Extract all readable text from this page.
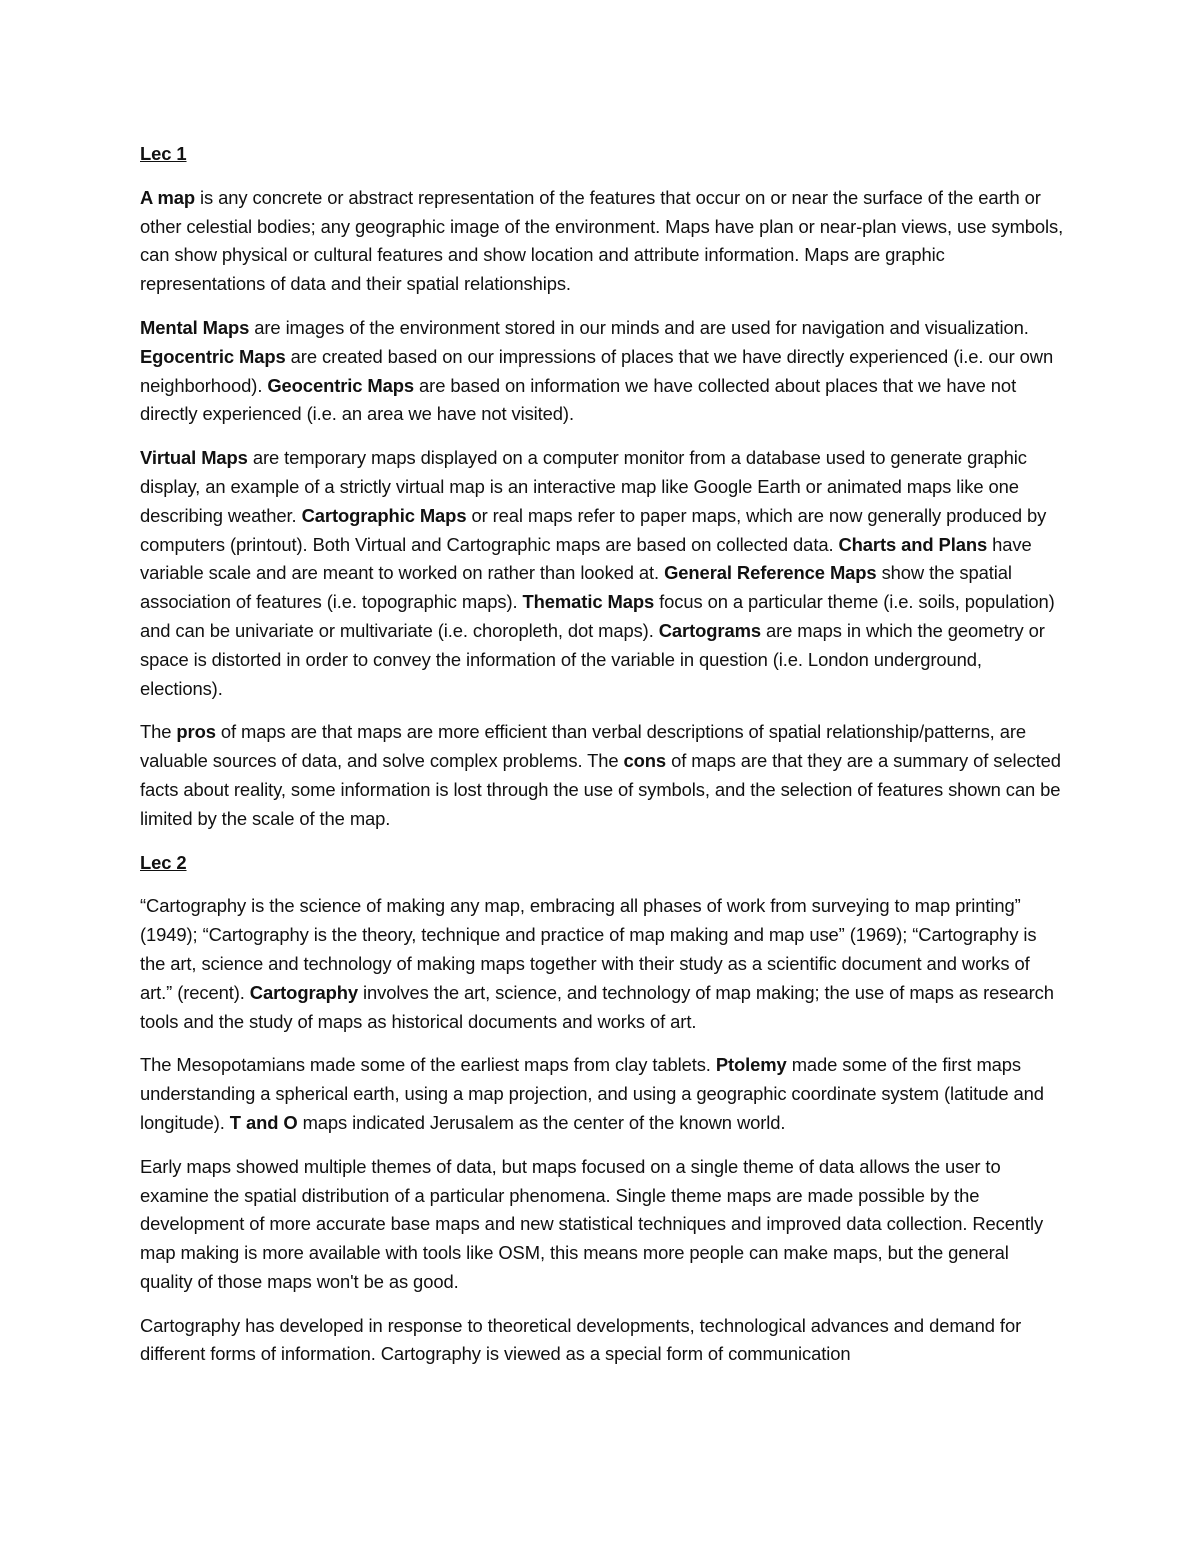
Lec 1

A map is any concrete or abstract representation of the features that occur on or near the surface of the earth or other celestial bodies; any geographic image of the environment. Maps have plan or near-plan views, use symbols, can show physical or cultural features and show location and attribute information. Maps are graphic representations of data and their spatial relationships.

Mental Maps are images of the environment stored in our minds and are used for navigation and visualization. Egocentric Maps are created based on our impressions of places that we have directly experienced (i.e. our own neighborhood). Geocentric Maps are based on information we have collected about places that we have not directly experienced (i.e. an area we have not visited).

Virtual Maps are temporary maps displayed on a computer monitor from a database used to generate graphic display, an example of a strictly virtual map is an interactive map like Google Earth or animated maps like one describing weather. Cartographic Maps or real maps refer to paper maps, which are now generally produced by computers (printout). Both Virtual and Cartographic maps are based on collected data. Charts and Plans have variable scale and are meant to worked on rather than looked at. General Reference Maps show the spatial association of features (i.e. topographic maps). Thematic Maps focus on a particular theme (i.e. soils, population) and can be univariate or multivariate (i.e. choropleth, dot maps). Cartograms are maps in which the geometry or space is distorted in order to convey the information of the variable in question (i.e. London underground, elections).

The pros of maps are that maps are more efficient than verbal descriptions of spatial relationship/patterns, are valuable sources of data, and solve complex problems. The cons of maps are that they are a summary of selected facts about reality, some information is lost through the use of symbols, and the selection of features shown can be limited by the scale of the map.

Lec 2

“Cartography is the science of making any map, embracing all phases of work from surveying to map printing” (1949); “Cartography is the theory, technique and practice of map making and map use” (1969); “Cartography is the art, science and technology of making maps together with their study as a scientific document and works of art.” (recent). Cartography involves the art, science, and technology of map making; the use of maps as research tools and the study of maps as historical documents and works of art.

The Mesopotamians made some of the earliest maps from clay tablets. Ptolemy made some of the first maps understanding a spherical earth, using a map projection, and using a geographic coordinate system (latitude and longitude). T and O maps indicated Jerusalem as the center of the known world.

Early maps showed multiple themes of data, but maps focused on a single theme of data allows the user to examine the spatial distribution of a particular phenomena. Single theme maps are made possible by the development of more accurate base maps and new statistical techniques and improved data collection. Recently map making is more available with tools like OSM, this means more people can make maps, but the general quality of those maps won't be as good.

Cartography has developed in response to theoretical developments, technological advances and demand for different forms of information. Cartography is viewed as a special form of communication
